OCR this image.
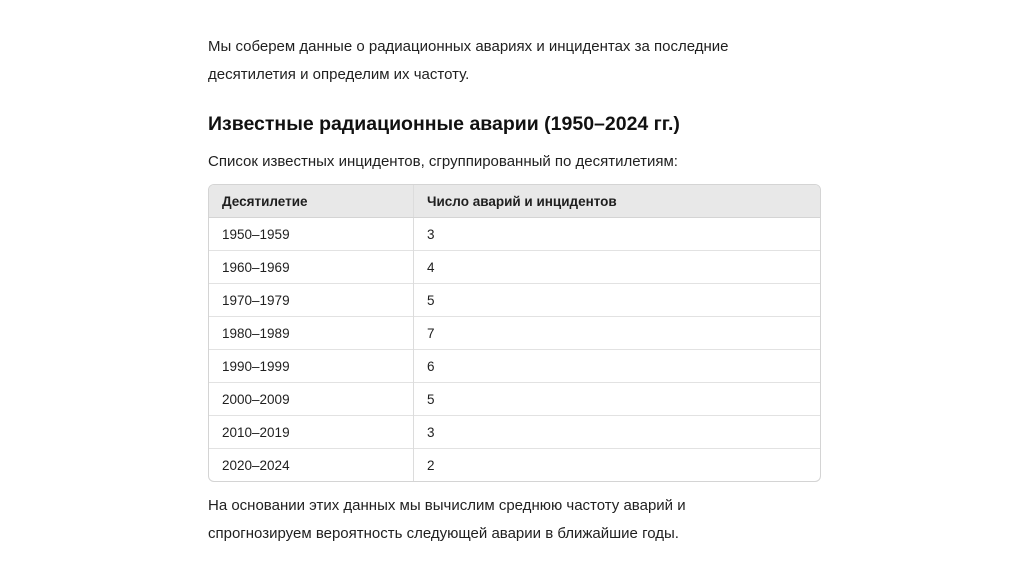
Мы соберем данные о радиационных авариях и инцидентах за последние
десятилетия и определим их частоту.

Известные радиационные аварии (1950–2024 гг.)

Список известных инцидентов, сгруппированный по десятилетиям:

Десятилетие	Число аварий и инцидентов
1950–1959	3
1960–1969	4
1970–1979	5
1980–1989	7
1990–1999	6
2000–2009	5
2010–2019	3
2020–2024	2

На основании этих данных мы вычислим среднюю частоту аварий и
спрогнозируем вероятность следующей аварии в ближайшие годы.
